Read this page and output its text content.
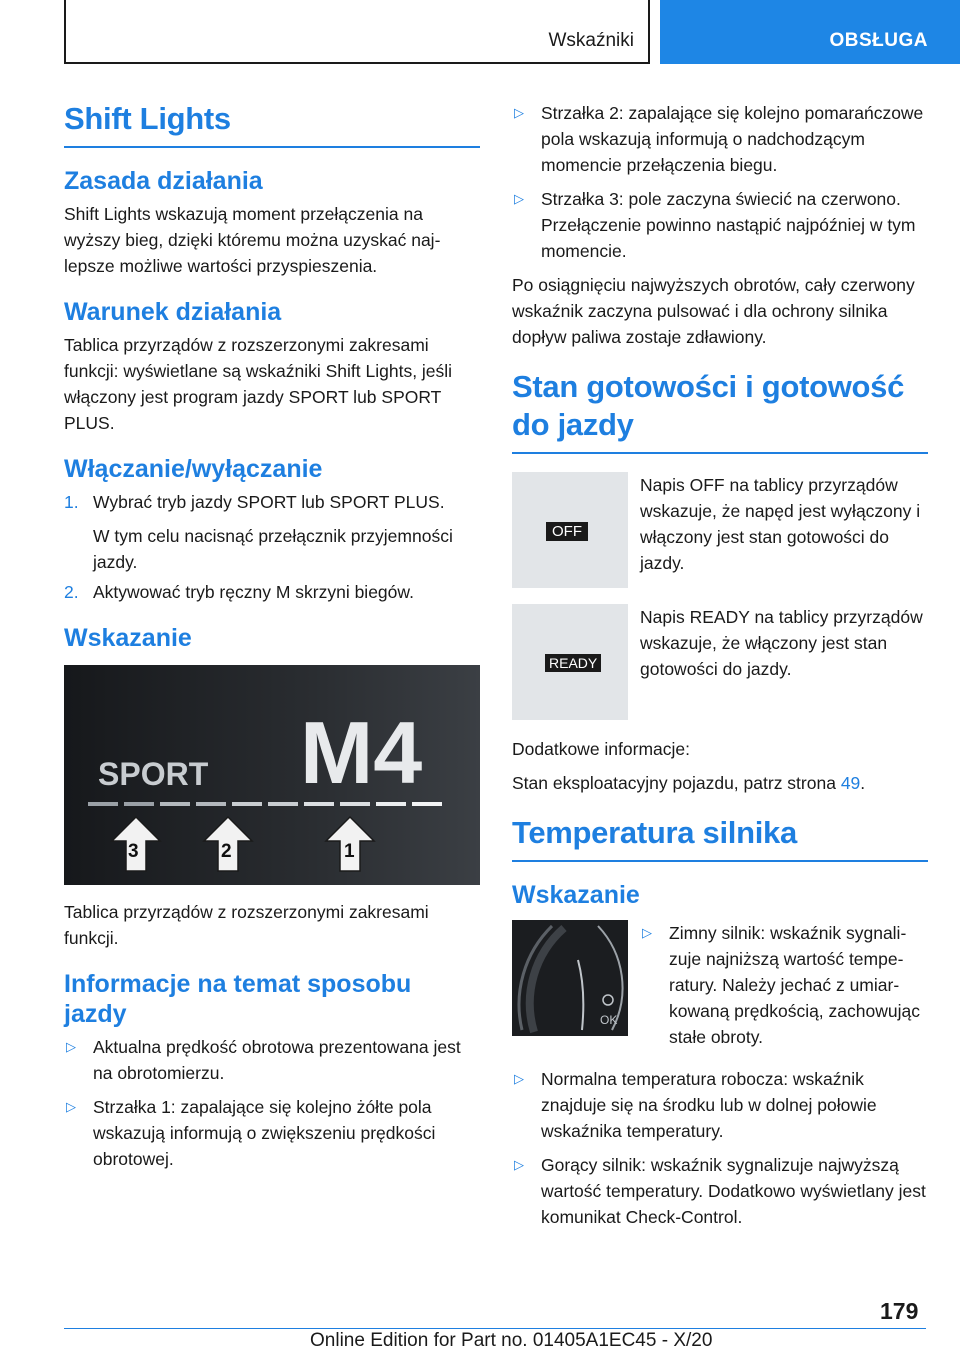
Wskaźniki	OBSŁUGA
Shift Lights
Zasada działania

Shift Lights wskazują moment przełączenia na wyższy bieg, dzięki któremu można uzyskać najlepsze możliwe wartości przyspieszenia.

Warunek działania

Tablica przyrządów z rozszerzonymi zakresami funkcji: wyświetlane są wskaźniki Shift Lights, jeśli włączony jest program jazdy SPORT lub SPORT PLUS.

Włączanie/wyłączanie
1. Wybrać tryb jazdy SPORT lub SPORT PLUS.
W tym celu nacisnąć przełącznik przyjemności jazdy.
2. Aktywować tryb ręczny M skrzyni biegów.
Wskazanie
SPORT M4
3	2	1

Tablica przyrządów z rozszerzonymi zakresami funkcji.

Informacje na temat sposobu jazdy
▷ Aktualna prędkość obrotowa prezentowana jest na obrotomierzu.
▷ Strzałka 1: zapalające się kolejno żółte pola wskazują informują o zwiększeniu prędkości obrotowej.
▷ Strzałka 2: zapalające się kolejno pomarańczowe pola wskazują informują o nadchodzącym momencie przełączenia biegu.
▷ Strzałka 3: pole zaczyna świecić na czerwono. Przełączenie powinno nastąpić najpóźniej w tym momencie.

Po osiągnięciu najwyższych obrotów, cały czerwony wskaźnik zaczyna pulsować i dla ochrony silnika dopływ paliwa zostaje zdławiony.

Stan gotowości i gotowość do jazdy
OFF

Napis OFF na tablicy przyrządów wskazuje, że napęd jest wyłączony i włączony jest stan gotowości do jazdy.

READY

Napis READY na tablicy przyrządów wskazuje, że włączony jest stan gotowości do jazdy.

Dodatkowe informacje:

Stan eksploatacyjny pojazdu, patrz strona 49.

Temperatura silnika
Wskazanie
OK
▷ Zimny silnik: wskaźnik sygnalizuje najniższą wartość temperatury. Należy jechać z umiarkowaną prędkością, zachowując stałe obroty.
▷ Normalna temperatura robocza: wskaźnik znajduje się na środku lub w dolnej połowie wskaźnika temperatury.
▷ Gorący silnik: wskaźnik sygnalizuje najwyższą wartość temperatury. Dodatkowo wyświetlany jest komunikat Check-Control.
179
Online Edition for Part no. 01405A1EC45 - X/20
